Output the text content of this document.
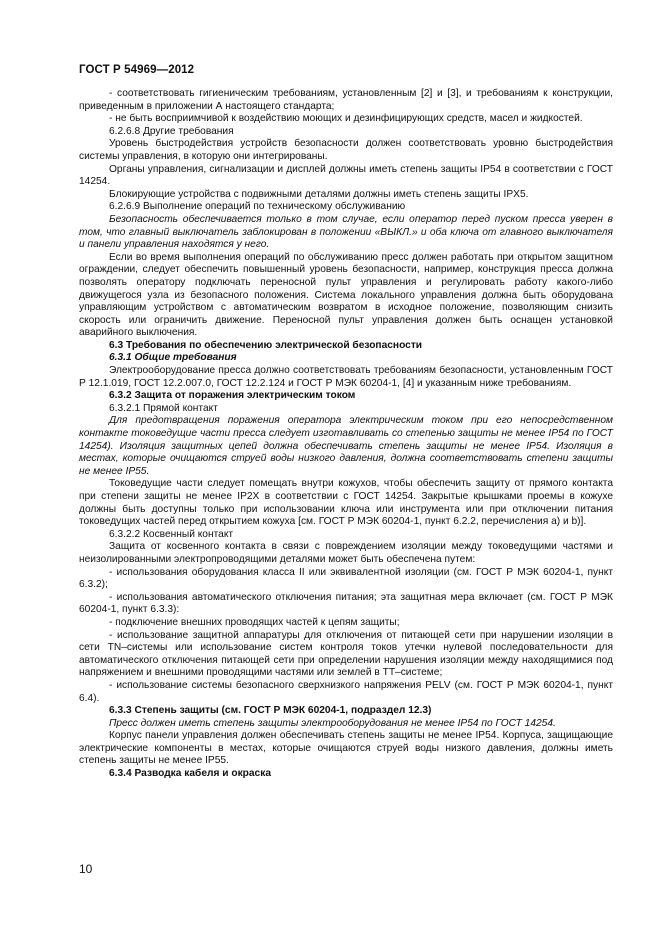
ГОСТ Р 54969—2012

- соответствовать гигиеническим требованиям, установленным [2] и [3], и требованиям к конструкции, приведенным в приложении А настоящего стандарта;

- не быть восприимчивой к воздействию моющих и дезинфицирующих средств, масел и жидкостей.

6.2.6.8 Другие требования

Уровень быстродействия устройств безопасности должен соответствовать уровню быстродействия системы управления, в которую они интегрированы.

Органы управления, сигнализации и дисплей должны иметь степень защиты IP54 в соответствии с ГОСТ 14254.

Блокирующие устройства с подвижными деталями должны иметь степень защиты IPX5.

6.2.6.9 Выполнение операций по техническому обслуживанию

Безопасность обеспечивается только в том случае, если оператор перед пуском пресса уверен в том, что главный выключатель заблокирован в положении «ВЫКЛ.» и оба ключа от главного выключателя и панели управления находятся у него.

Если во время выполнения операций по обслуживанию пресс должен работать при открытом защитном ограждении, следует обеспечить повышенный уровень безопасности, например, конструкция пресса должна позволять оператору подключать переносной пульт управления и регулировать работу какого-либо движущегося узла из безопасного положения. Система локального управления должна быть оборудована управляющим устройством с автоматическим возвратом в исходное положение, позволяющим снизить скорость или ограничить движение. Переносной пульт управления должен быть оснащен установкой аварийного выключения.

6.3 Требования по обеспечению электрической безопасности

6.3.1 Общие требования

Электрооборудование пресса должно соответствовать требованиям безопасности, установленным ГОСТ Р 12.1.019, ГОСТ 12.2.007.0, ГОСТ 12.2.124 и ГОСТ Р МЭК 60204-1, [4] и указанным ниже требованиям.

6.3.2 Защита от поражения электрическим током

6.3.2.1 Прямой контакт

Для предотвращения поражения оператора электрическим током при его непосредственном контакте токоведущие части пресса следует изготавливать со степенью защиты не менее IP54 по ГОСТ 14254). Изоляция защитных цепей должна обеспечивать степень защиты не менее IP54. Изоляция в местах, которые очищаются струей воды низкого давления, должна соответствовать степени защиты не менее IP55.

Токоведущие части следует помещать внутри кожухов, чтобы обеспечить защиту от прямого контакта при степени защиты не менее IP2X в соответствии с ГОСТ 14254. Закрытые крышками проемы в кожухе должны быть доступны только при использовании ключа или инструмента или при отключении питания токоведущих частей перед открытием кожуха [см. ГОСТ Р МЭК 60204-1, пункт 6.2.2, перечисления а) и b)].

6.3.2.2 Косвенный контакт

Защита от косвенного контакта в связи с повреждением изоляции между токоведущими частями и неизолированными электропроводящими деталями может быть обеспечена путем:

- использования оборудования класса II или эквивалентной изоляции (см. ГОСТ Р МЭК 60204-1, пункт 6.3.2);

- использования автоматического отключения питания; эта защитная мера включает (см. ГОСТ Р МЭК 60204-1, пункт 6.3.3):

- подключение внешних проводящих частей к цепям защиты;

- использование защитной аппаратуры для отключения от питающей сети при нарушении изоляции в сети TN–системы или использование систем контроля токов утечки нулевой последовательности для автоматического отключения питающей сети при определении нарушения изоляции между находящимися под напряжением и внешними проводящими частями или землей в TT–системе;

- использование системы безопасного сверхнизкого напряжения PELV (см. ГОСТ Р МЭК 60204-1, пункт 6.4).

6.3.3 Степень защиты (см. ГОСТ Р МЭК 60204-1, подраздел 12.3)

Пресс должен иметь степень защиты электрооборудования не менее IP54 по ГОСТ 14254.

Корпус панели управления должен обеспечивать степень защиты не менее IP54. Корпуса, защищающие электрические компоненты в местах, которые очищаются струей воды низкого давления, должны иметь степень защиты не менее IP55.

6.3.4 Разводка кабеля и окраска

10
